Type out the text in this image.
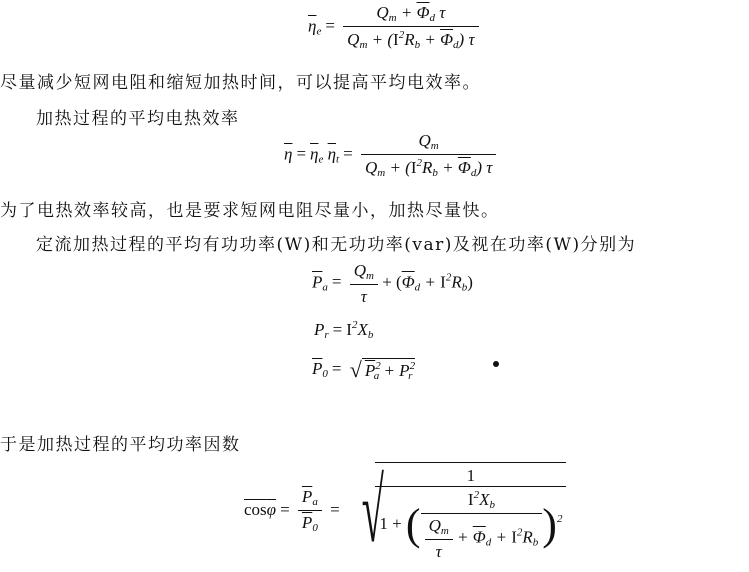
$\overline{\eta}_e = \frac{Q_m + \overline{\Phi}_d \tau}{Q_m + (I^2R_b + \overline{\Phi}_d) \tau}$
尽量减少短网电阻和缩短加热时间，可以提高平均电效率。
加热过程的平均电热效率
$\overline{\eta} = \overline{\eta}_e$ $\overline{\eta}_t = \frac{Q_m}{Q_m + (I^2R_b + \overline{\Phi}_d) \tau}$
为了电热效率较高，也是要求短网电阻尽量小，加热尽量快。
定流加热过程的平均有功功率(W)和无功功率(var)及视在功率(W)分别为
$\overline{P}_a = \frac{Q_m}{\tau} + (\overline{\Phi}_d + I^2R_b)$
$P_r = I^2X_b$
$\overline{P}_0$ = √ $P^2_a + P^2_r$
于是加热过程的平均功率因数
$\overline{cos}\overline{\varphi} = \frac{\overline{P}_a}{\overline{P}_0}$ = √
$\frac{1}{1 + ( \frac{I^2X_b}{\frac{Q_m}{\tau} + \overline{\Phi}_d + I^2R_b} )^2}$
